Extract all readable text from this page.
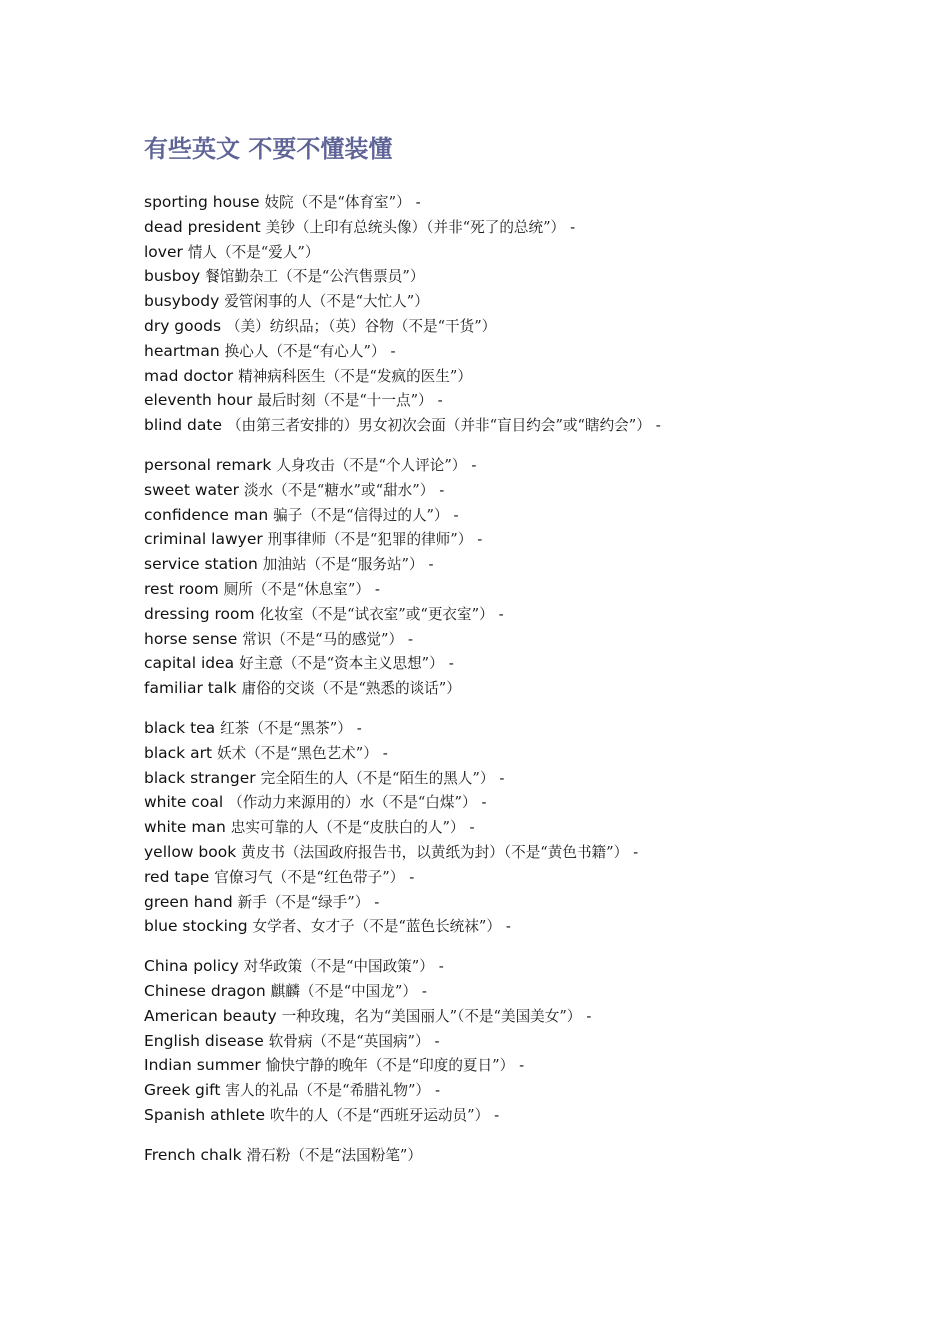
有些英文 不要不懂装懂
sporting house 妓院（不是“体育室”） -
dead president 美钞（上印有总统头像）（并非“死了的总统”） -
lover 情人（不是“爱人”）
busboy 餐馆勤杂工（不是“公汽售票员”）
busybody 爱管闲事的人（不是“大忙人”）
dry goods （美）纺织品；（英）谷物（不是“干货”）
heartman 换心人（不是“有心人”） -
mad doctor 精神病科医生（不是“发疯的医生”）
eleventh hour 最后时刻（不是“十一点”） -
blind date （由第三者安排的）男女初次会面（并非“盲目约会”或“瞎约会”） -
personal remark 人身攻击（不是“个人评论”） -
sweet water 淡水（不是“糖水”或“甜水”） -
confidence man 骗子（不是“信得过的人”） -
criminal lawyer 刑事律师（不是“犯罪的律师”） -
service station 加油站（不是“服务站”） -
rest room 厕所（不是“休息室”） -
dressing room 化妆室（不是“试衣室”或“更衣室”） -
horse sense 常识（不是“马的感觉”） -
capital idea 好主意（不是“资本主义思想”） -
familiar talk 庸俗的交谈（不是“熟悉的谈话”）
black tea 红茶（不是“黑茶”） -
black art 妖术（不是“黑色艺术”） -
black stranger 完全陌生的人（不是“陌生的黑人”） -
white coal （作动力来源用的）水（不是“白煤”） -
white man 忠实可靠的人（不是“皮肤白的人”） -
yellow book 黄皮书（法国政府报告书，以黄纸为封）（不是“黄色书籍”） -
red tape 官僚习气（不是“红色带子”） -
green hand 新手（不是“绿手”） -
blue stocking 女学者、女才子（不是“蓝色长统袜”） -
China policy 对华政策（不是“中国政策”） -
Chinese dragon 麒麟（不是“中国龙”） -
American beauty 一种玫瑰，名为“美国丽人”（不是“美国美女”） -
English disease 软骨病（不是“英国病”） -
Indian summer 愉快宁静的晚年（不是“印度的夏日”） -
Greek gift 害人的礼品（不是“希腊礼物”） -
Spanish athlete 吹牛的人（不是“西班牙运动员”） -
French chalk 滑石粉（不是“法国粉笔”）
